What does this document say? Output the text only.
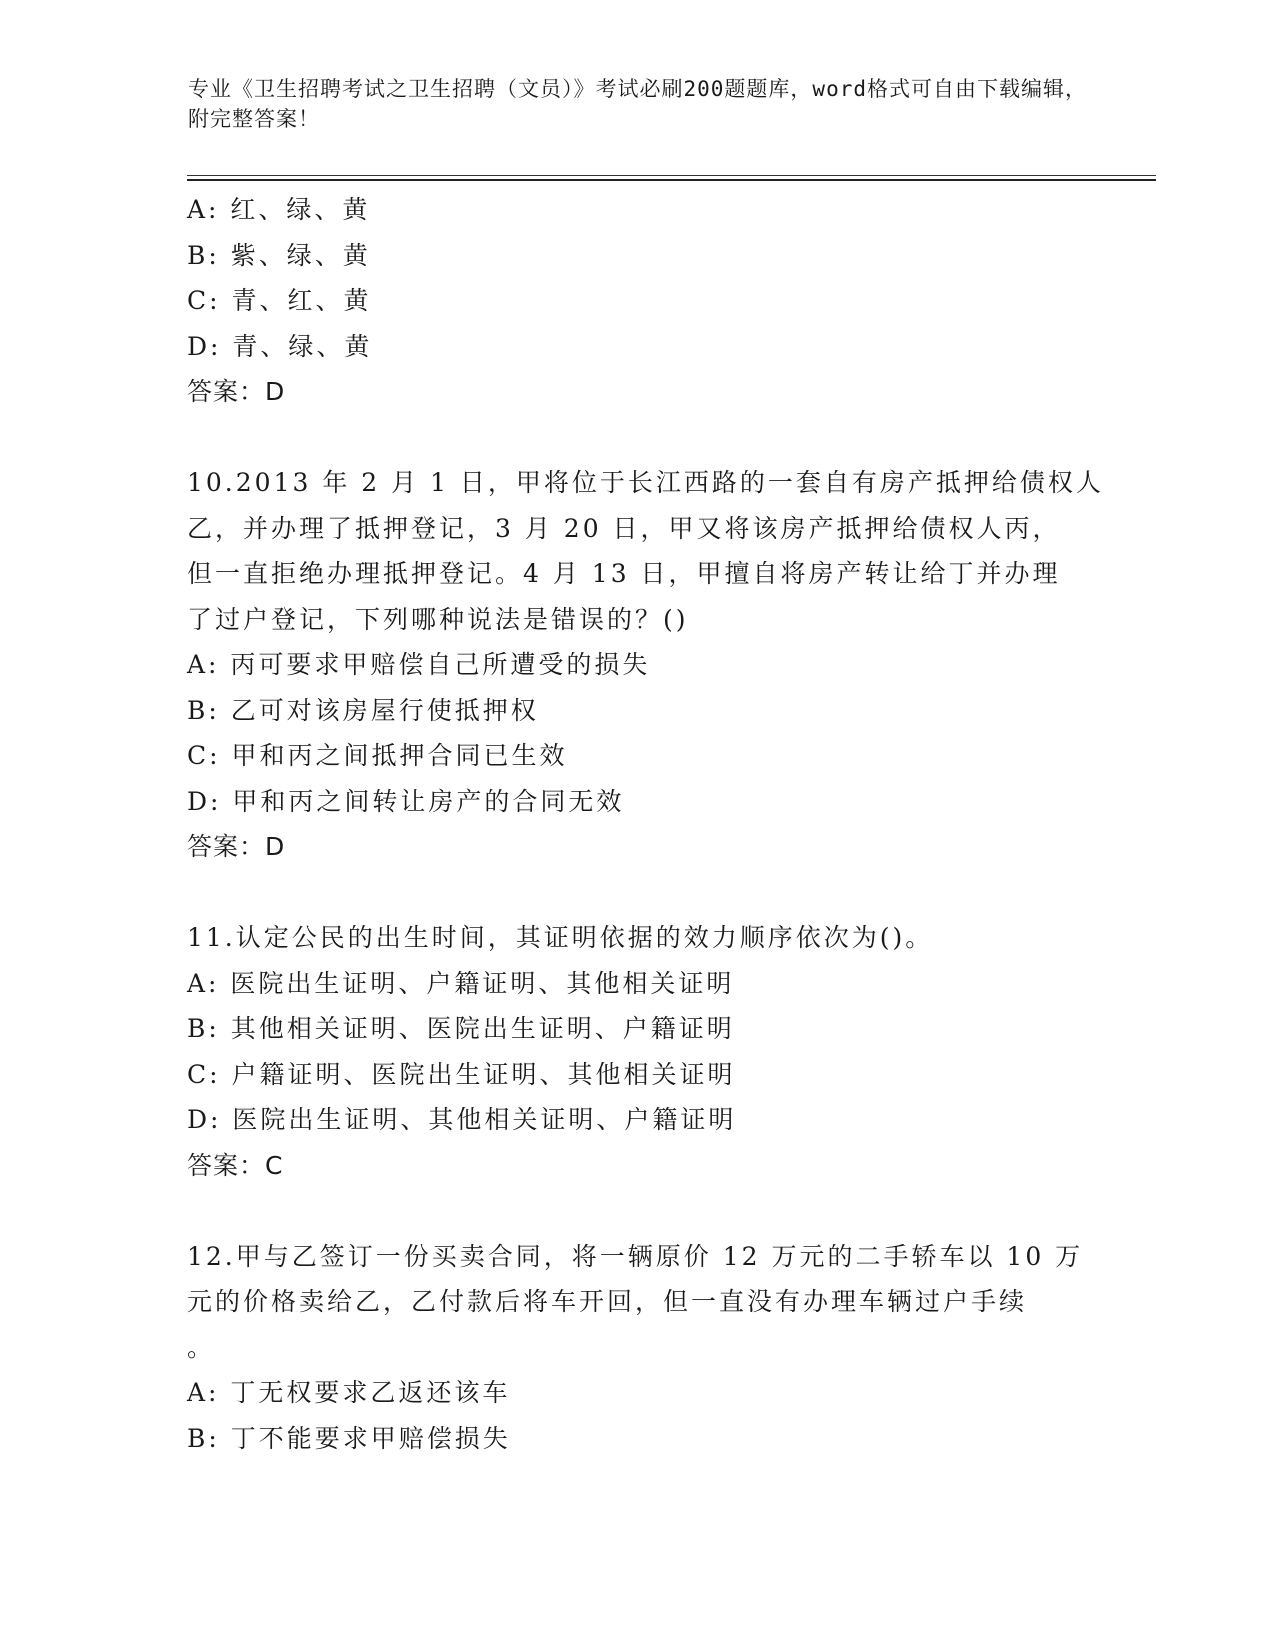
专业《卫生招聘考试之卫生招聘（文员）》考试必刷200题题库，word格式可自由下载编辑，附完整答案！
A: 红、绿、黄
B: 紫、绿、黄
C: 青、红、黄
D: 青、绿、黄
答案：D
10.2013 年 2 月 1 日，甲将位于长江西路的一套自有房产抵押给债权人
乙，并办理了抵押登记，3 月 20 日，甲又将该房产抵押给债权人丙，
但一直拒绝办理抵押登记。4 月 13 日，甲擅自将房产转让给丁并办理
了过户登记，下列哪种说法是错误的？()
A: 丙可要求甲赔偿自己所遭受的损失
B: 乙可对该房屋行使抵押权
C: 甲和丙之间抵押合同已生效
D: 甲和丙之间转让房产的合同无效
答案：D
11.认定公民的出生时间，其证明依据的效力顺序依次为()。
A: 医院出生证明、户籍证明、其他相关证明
B: 其他相关证明、医院出生证明、户籍证明
C: 户籍证明、医院出生证明、其他相关证明
D: 医院出生证明、其他相关证明、户籍证明
答案：C
12.甲与乙签订一份买卖合同，将一辆原价 12 万元的二手轿车以 10 万
元的价格卖给乙，乙付款后将车开回，但一直没有办理车辆过户手续
。
A: 丁无权要求乙返还该车
B: 丁不能要求甲赔偿损失
